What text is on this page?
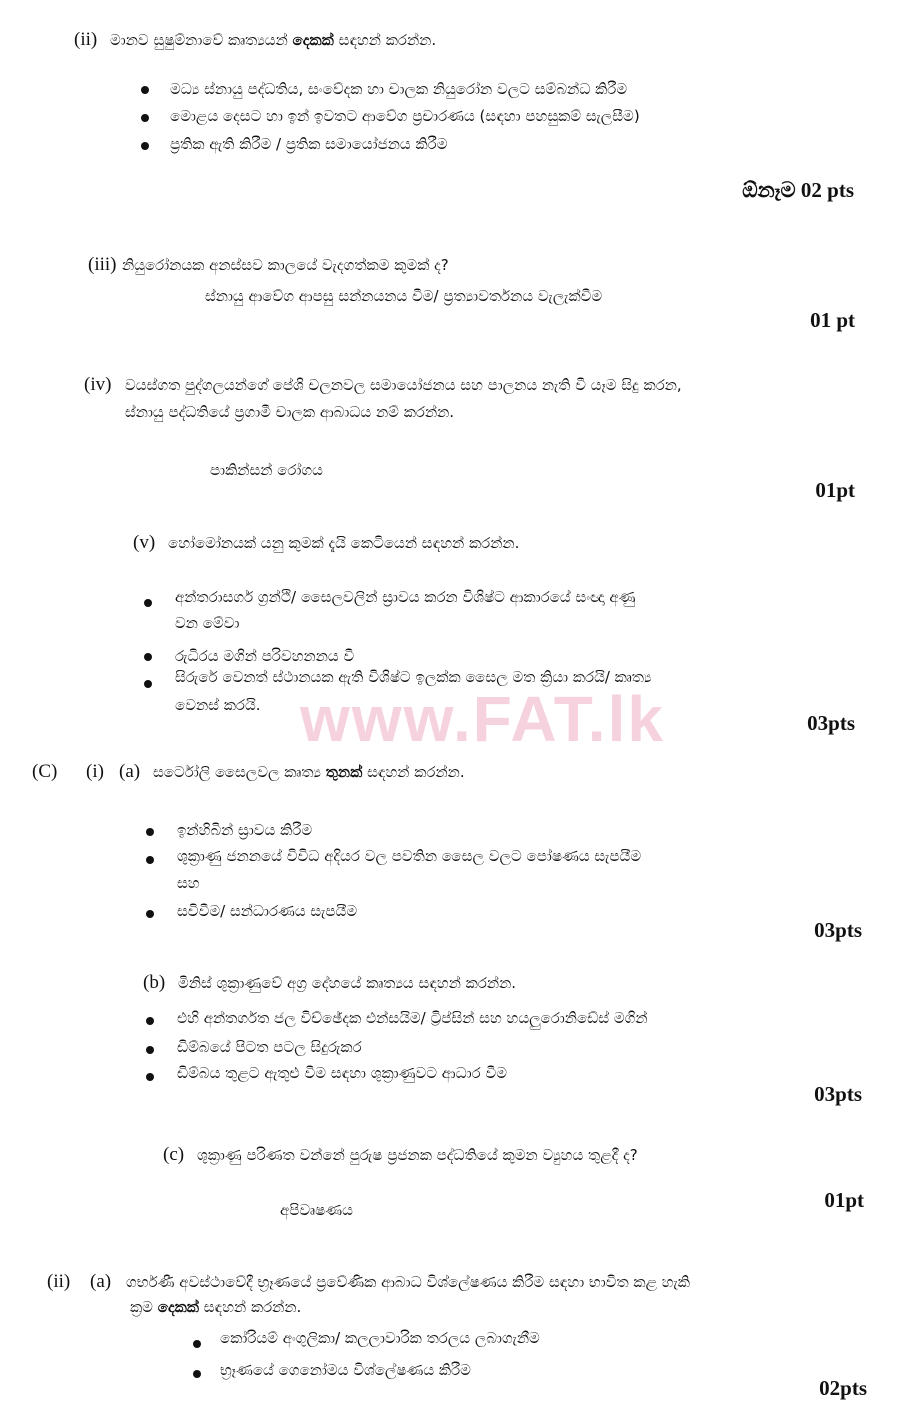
www.FAT.lk
(ii) මානව සුෂුම්නාවේ කෘත්‍යයන් දෙකක් සඳහන් කරන්න.
මධ්‍ය ස්නායු පද්ධතිය, සංවේදක හා චාලක නියුරෝන වලට සම්බන්ධ කිරීම
මොළය දෙසට හා ඉන් ඉවතට ආවේග ප්‍රචාරණය (සඳහා පහසුකම් සැලසීම)
ප්‍රතික ඇති කිරීම / ප්‍රතික සමායෝජනය කිරීම
ඕනෑම 02 pts
(iii) නියුරෝනයක අනස්සව කාලයේ වැදගත්කම කුමක් ද?
ස්නායු ආවේග ආපසු සන්නයනය වීම/ ප්‍රත්‍යාවර්තනය වැලැක්වීම
01 pt
(iv) වයස්ගත පුද්ගලයන්ගේ පේශි චලනවල සමායෝජනය සහ පාලනය නැති වී යෑම සිදු කරන,
ස්නායු පද්ධතියේ ප්‍රගාමී චාලක ආබාධය නම් කරන්න.
පාකින්සන් රෝගය
01pt
(v) හෝමෝනයක් යනු කුමක් දැයි කෙටියෙන් සඳහන් කරන්න.
අන්තරාසර්ග ග්‍රන්ථි/ සෛලවලින් ස්‍රාවය කරන විශිෂ්ට ආකාරයේ සංඥා අණු
වන මේවා
රුධිරය මගින් පරිවහනනය වී
සිරුරේ වෙනත් ස්ථානයක ඇති විශිෂ්ට ඉලක්ක සෛල මත ක්‍රියා කරයි/ කෘත්‍ය
වෙනස් කරයි.
03pts
(C) (i) (a) සර්ටෝලි සෛලවල කෘත්‍ය තුනක් සඳහන් කරන්න.
ඉන්හිබින් ස්‍රාවය කිරීම
ශුක්‍රාණු ජනනයේ විවිධ අදියර වල පවතින සෛල වලට පෝෂණය සැපයීම
සහ
සවිවීම/ සන්ධාරණය සැපයීම
03pts
(b) මිනිස් ශුක්‍රාණුවේ අග්‍ර දේහයේ කෘත්‍යය සඳහන් කරන්න.
එහි අන්තර්ගත ජල විච්ඡේදක එන්සයිම/ ට්‍රිප්සින් සහ හයලුරොනිඩේස් මගින්
ඩිම්බයේ පිටත පටල සිදුරුකර
ඩිම්බය තුළට ඇතුළු වීම සඳහා ශුක්‍රාණුවට ආධාර වීම
03pts
(c) ශුක්‍රාණු පරිණත වන්නේ පුරුෂ ප්‍රජනක පද්ධතියේ කුමන ව්‍යුහය තුළදී ද?
අපිවෘෂණය	01pt
(ii) (a) ගර්භණී අවස්ථාවේදී භ්‍රෑණයේ ප්‍රවේණික ආබාධ විශ්ලේෂණය කිරීම සඳහා භාවිත කළ හැකි
ක්‍රම දෙකක් සඳහන් කරන්න.
කෝරියම් අංගුලිකා/ කලලාවාරික තරලය ලබාගැනීම
භ්‍රෑණයේ ගෙනෝමය විශ්ලේෂණය කිරීම
02pts
